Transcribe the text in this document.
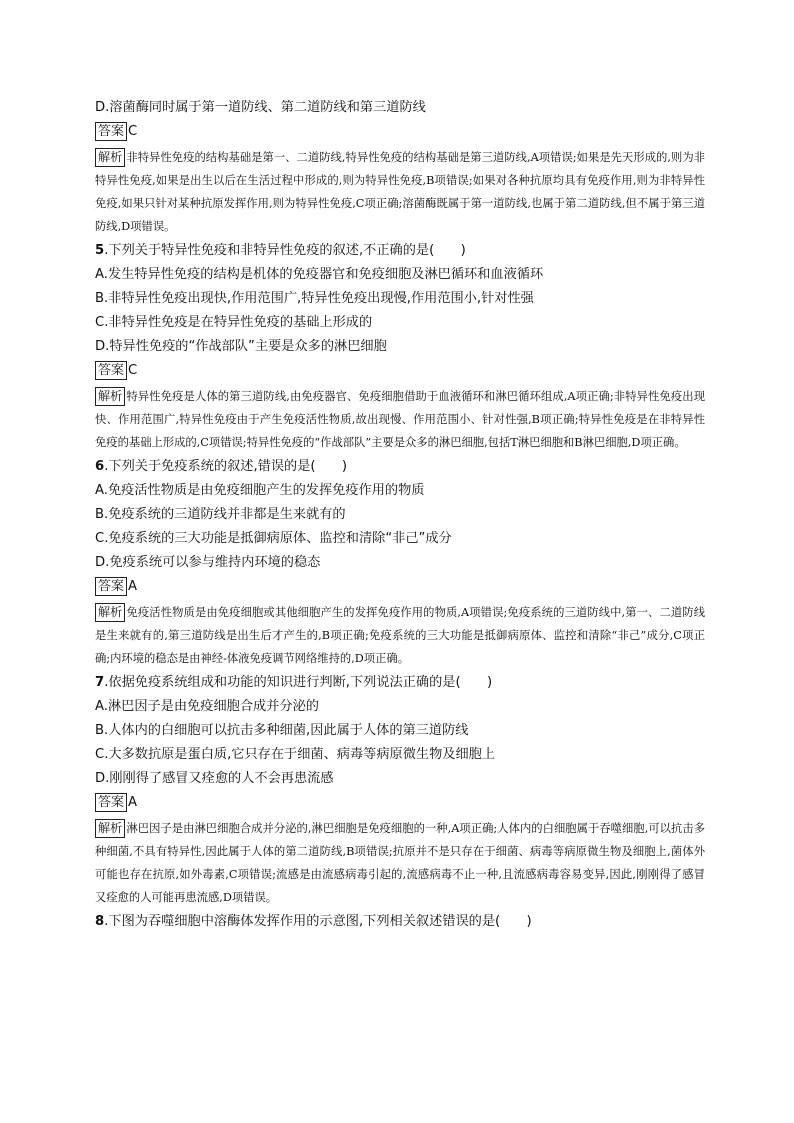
D.溶菌酶同时属于第一道防线、第二道防线和第三道防线
答案 C
解析 非特异性免疫的结构基础是第一、二道防线,特异性免疫的结构基础是第三道防线,A项错误;如果是先天形成的,则为非特异性免疫,如果是出生以后在生活过程中形成的,则为特异性免疫,B项错误;如果对各种抗原均具有免疫作用,则为非特异性免疫,如果只针对某种抗原发挥作用,则为特异性免疫,C项正确;溶菌酶既属于第一道防线,也属于第二道防线,但不属于第三道防线,D项错误。
5.下列关于特异性免疫和非特异性免疫的叙述,不正确的是(　　)
A.发生特异性免疫的结构是机体的免疫器官和免疫细胞及淋巴循环和血液循环
B.非特异性免疫出现快,作用范围广,特异性免疫出现慢,作用范围小,针对性强
C.非特异性免疫是在特异性免疫的基础上形成的
D.特异性免疫的“作战部队”主要是众多的淋巴细胞
答案 C
解析 特异性免疫是人体的第三道防线,由免疫器官、免疫细胞借助于血液循环和淋巴循环组成,A项正确;非特异性免疫出现快、作用范围广,特异性免疫由于产生免疫活性物质,故出现慢、作用范围小、针对性强,B项正确;特异性免疫是在非特异性免疫的基础上形成的,C项错误;特异性免疫的“作战部队”主要是众多的淋巴细胞,包括T淋巴细胞和B淋巴细胞,D项正确。
6.下列关于免疫系统的叙述,错误的是(　　)
A.免疫活性物质是由免疫细胞产生的发挥免疫作用的物质
B.免疫系统的三道防线并非都是生来就有的
C.免疫系统的三大功能是抵御病原体、监控和清除“非己”成分
D.免疫系统可以参与维持内环境的稳态
答案 A
解析 免疫活性物质是由免疫细胞或其他细胞产生的发挥免疫作用的物质,A项错误;免疫系统的三道防线中,第一、二道防线是生来就有的,第三道防线是出生后才产生的,B项正确;免疫系统的三大功能是抵御病原体、监控和清除“非己”成分,C项正确;内环境的稳态是由神经-体液免疫调节网络维持的,D项正确。
7.依据免疫系统组成和功能的知识进行判断,下列说法正确的是(　　)
A.淋巴因子是由免疫细胞合成并分泌的
B.人体内的白细胞可以抗击多种细菌,因此属于人体的第三道防线
C.大多数抗原是蛋白质,它只存在于细菌、病毒等病原微生物及细胞上
D.刚刚得了感冒又痊愈的人不会再患流感
答案 A
解析 淋巴因子是由淋巴细胞合成并分泌的,淋巴细胞是免疫细胞的一种,A项正确;人体内的白细胞属于吞噬细胞,可以抗击多种细菌,不具有特异性,因此属于人体的第二道防线,B项错误;抗原并不是只存在于细菌、病毒等病原微生物及细胞上,菌体外可能也存在抗原,如外毒素,C项错误;流感是由流感病毒引起的,流感病毒不止一种,且流感病毒容易变异,因此,刚刚得了感冒又痊愈的人可能再患流感,D项错误。
8.下图为吞噬细胞中溶酶体发挥作用的示意图,下列相关叙述错误的是(　　)
